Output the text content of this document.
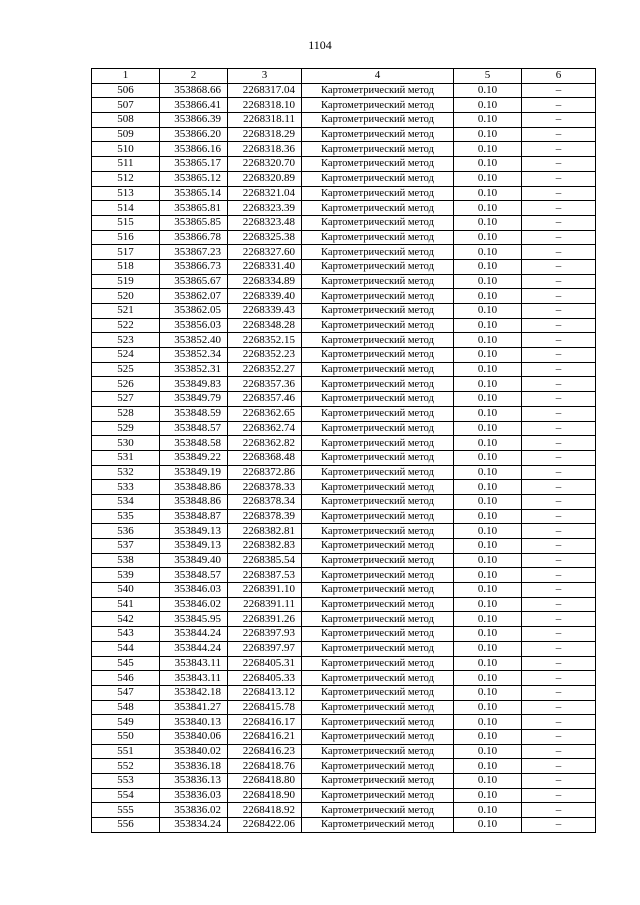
1104
1	2	3	4	5	6
506	353868.66	2268317.04	Картометрический метод	0.10	–
507	353866.41	2268318.10	Картометрический метод	0.10	–
508	353866.39	2268318.11	Картометрический метод	0.10	–
509	353866.20	2268318.29	Картометрический метод	0.10	–
510	353866.16	2268318.36	Картометрический метод	0.10	–
511	353865.17	2268320.70	Картометрический метод	0.10	–
512	353865.12	2268320.89	Картометрический метод	0.10	–
513	353865.14	2268321.04	Картометрический метод	0.10	–
514	353865.81	2268323.39	Картометрический метод	0.10	–
515	353865.85	2268323.48	Картометрический метод	0.10	–
516	353866.78	2268325.38	Картометрический метод	0.10	–
517	353867.23	2268327.60	Картометрический метод	0.10	–
518	353866.73	2268331.40	Картометрический метод	0.10	–
519	353865.67	2268334.89	Картометрический метод	0.10	–
520	353862.07	2268339.40	Картометрический метод	0.10	–
521	353862.05	2268339.43	Картометрический метод	0.10	–
522	353856.03	2268348.28	Картометрический метод	0.10	–
523	353852.40	2268352.15	Картометрический метод	0.10	–
524	353852.34	2268352.23	Картометрический метод	0.10	–
525	353852.31	2268352.27	Картометрический метод	0.10	–
526	353849.83	2268357.36	Картометрический метод	0.10	–
527	353849.79	2268357.46	Картометрический метод	0.10	–
528	353848.59	2268362.65	Картометрический метод	0.10	–
529	353848.57	2268362.74	Картометрический метод	0.10	–
530	353848.58	2268362.82	Картометрический метод	0.10	–
531	353849.22	2268368.48	Картометрический метод	0.10	–
532	353849.19	2268372.86	Картометрический метод	0.10	–
533	353848.86	2268378.33	Картометрический метод	0.10	–
534	353848.86	2268378.34	Картометрический метод	0.10	–
535	353848.87	2268378.39	Картометрический метод	0.10	–
536	353849.13	2268382.81	Картометрический метод	0.10	–
537	353849.13	2268382.83	Картометрический метод	0.10	–
538	353849.40	2268385.54	Картометрический метод	0.10	–
539	353848.57	2268387.53	Картометрический метод	0.10	–
540	353846.03	2268391.10	Картометрический метод	0.10	–
541	353846.02	2268391.11	Картометрический метод	0.10	–
542	353845.95	2268391.26	Картометрический метод	0.10	–
543	353844.24	2268397.93	Картометрический метод	0.10	–
544	353844.24	2268397.97	Картометрический метод	0.10	–
545	353843.11	2268405.31	Картометрический метод	0.10	–
546	353843.11	2268405.33	Картометрический метод	0.10	–
547	353842.18	2268413.12	Картометрический метод	0.10	–
548	353841.27	2268415.78	Картометрический метод	0.10	–
549	353840.13	2268416.17	Картометрический метод	0.10	–
550	353840.06	2268416.21	Картометрический метод	0.10	–
551	353840.02	2268416.23	Картометрический метод	0.10	–
552	353836.18	2268418.76	Картометрический метод	0.10	–
553	353836.13	2268418.80	Картометрический метод	0.10	–
554	353836.03	2268418.90	Картометрический метод	0.10	–
555	353836.02	2268418.92	Картометрический метод	0.10	–
556	353834.24	2268422.06	Картометрический метод	0.10	–
